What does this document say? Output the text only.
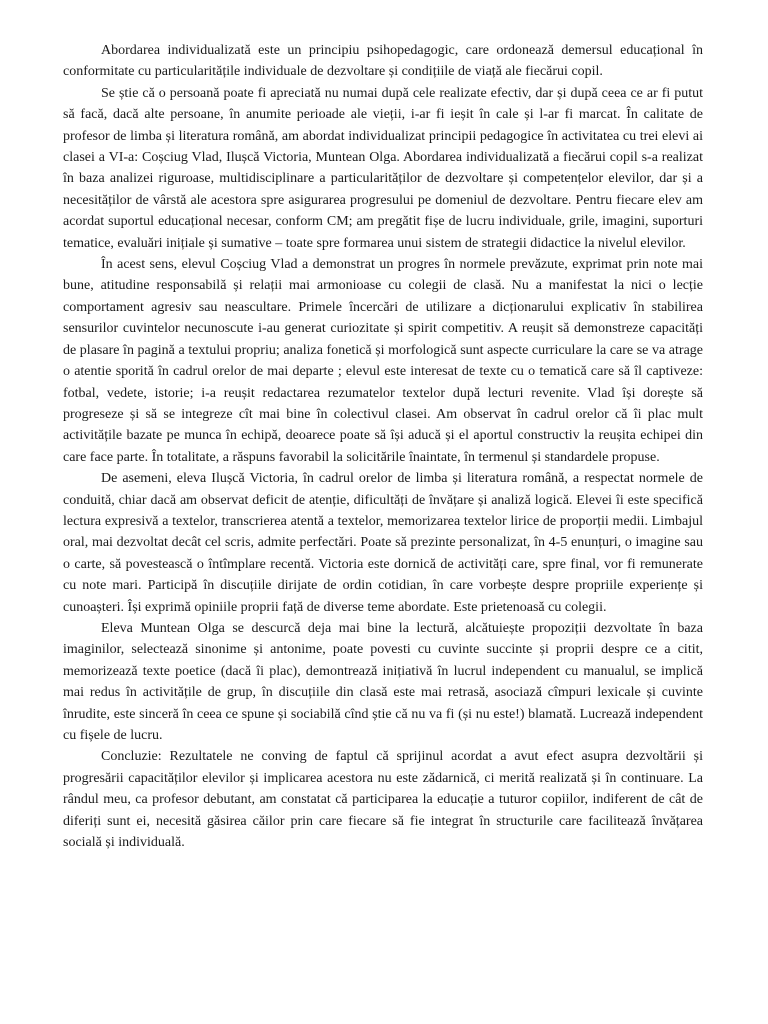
Abordarea individualizată este un principiu psihopedagogic, care ordonează demersul educațional în conformitate cu particularitățile individuale de dezvoltare și condițiile de viață ale fiecărui copil.

Se știe că o persoană poate fi apreciată nu numai după cele realizate efectiv, dar și după ceea ce ar fi putut să facă, dacă alte persoane, în anumite perioade ale vieții, i-ar fi ieșit în cale și l-ar fi marcat. În calitate de profesor de limba și literatura română, am abordat individualizat principii pedagogice în activitatea cu trei elevi ai clasei a VI-a: Coșciug Vlad, Ilușcă Victoria, Muntean Olga. Abordarea individualizată a fiecărui copil s-a realizat în baza analizei riguroase, multidisciplinare a particularităților de dezvoltare și competențelor elevilor, dar și a necesităților de vârstă ale acestora spre asigurarea progresului pe domeniul de dezvoltare. Pentru fiecare elev am acordat suportul educațional necesar, conform CM; am pregătit fișe de lucru individuale, grile, imagini, suporturi tematice, evaluări inițiale și sumative – toate spre formarea unui sistem de strategii didactice la nivelul elevilor.

În acest sens, elevul Coșciug Vlad a demonstrat un progres în normele prevăzute, exprimat prin note mai bune, atitudine responsabilă și relații mai armonioase cu colegii de clasă. Nu a manifestat la nici o lecție comportament agresiv sau neascultare. Primele încercări de utilizare a dicționarului explicativ în stabilirea sensurilor cuvintelor necunoscute i-au generat curiozitate și spirit competitiv. A reușit să demonstreze capacități de plasare în pagină a textului propriu; analiza fonetică și morfologică sunt aspecte curriculare la care se va atrage o atentie sporită în cadrul orelor de mai departe ; elevul este interesat de texte cu o tematică care să îl captiveze: fotbal, vedete, istorie; i-a reușit redactarea rezumatelor textelor după lecturi revenite. Vlad își dorește să progreseze și să se integreze cît mai bine în colectivul clasei. Am observat în cadrul orelor că îi plac mult activitățile bazate pe munca în echipă, deoarece poate să își aducă și el aportul constructiv la reușita echipei din care face parte. În totalitate, a răspuns favorabil la solicitările înaintate, în termenul și standardele propuse.

De asemeni, eleva Ilușcă Victoria, în cadrul orelor de limba și literatura română, a respectat normele de conduită, chiar dacă am observat deficit de atenție, dificultăți de învățare și analiză logică. Elevei îi este specifică lectura expresivă a textelor, transcrierea atentă a textelor, memorizarea textelor lirice de proporții medii. Limbajul oral, mai dezvoltat decât cel scris, admite perfectări. Poate să prezinte personalizat, în 4-5 enunțuri, o imagine sau o carte, să povestească o întîmplare recentă. Victoria este dornică de activități care, spre final, vor fi remunerate cu note mari. Participă în discuțiile dirijate de ordin cotidian, în care vorbește despre propriile experiențe și cunoașteri. Își exprimă opiniile proprii față de diverse teme abordate. Este prietenoasă cu colegii.

Eleva Muntean Olga se descurcă deja mai bine la lectură, alcătuiește propoziții dezvoltate în baza imaginilor, selectează sinonime și antonime, poate povesti cu cuvinte succinte și proprii despre ce a citit, memorizează texte poetice (dacă îi plac), demontrează inițiativă în lucrul independent cu manualul, se implică mai redus în activitățile de grup, în discuțiile din clasă este mai retrasă, asociază cîmpuri lexicale și cuvinte înrudite, este sinceră în ceea ce spune și sociabilă cînd știe că nu va fi (și nu este!) blamată. Lucrează independent cu fișele de lucru.

Concluzie: Rezultatele ne conving de faptul că sprijinul acordat a avut efect asupra dezvoltării și progresării capacităților elevilor și implicarea acestora nu este zădarnică, ci merită realizată și în continuare. La rândul meu, ca profesor debutant, am constatat că participarea la educație a tuturor copiilor, indiferent de cât de diferiți sunt ei, necesită găsirea căilor prin care fiecare să fie integrat în structurile care facilitează învățarea socială și individuală.
